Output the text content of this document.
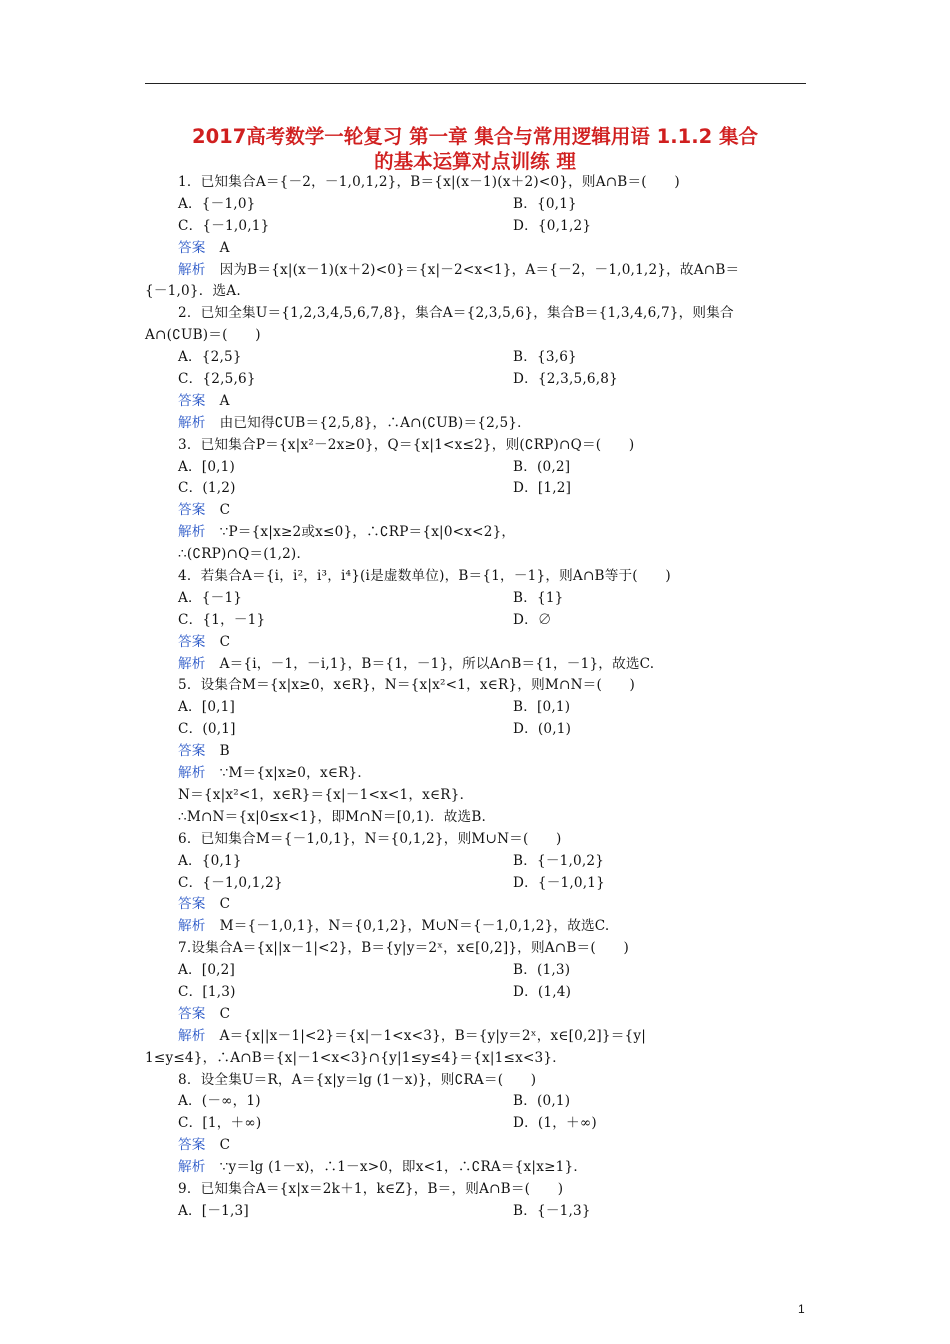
2017高考数学一轮复习 第一章 集合与常用逻辑用语 1.1.2 集合
的基本运算对点训练 理
1．已知集合A＝{－2，－1,0,1,2}，B＝{x|(x－1)(x＋2)<0}，则A∩B＝(　　)
A．{－1,0}	B．{0,1}
C．{－1,0,1}	D．{0,1,2}
答案 A
解析 因为B＝{x|(x－1)(x＋2)<0}＝{x|－2<x<1}，A＝{－2，－1,0,1,2}，故A∩B＝
{－1,0}．选A.
2．已知全集U＝{1,2,3,4,5,6,7,8}，集合A＝{2,3,5,6}，集合B＝{1,3,4,6,7}，则集合
A∩(∁UB)＝(　　)
A．{2,5}	B．{3,6}
C．{2,5,6}	D．{2,3,5,6,8}
答案 A
解析 由已知得∁UB＝{2,5,8}，∴A∩(∁UB)＝{2,5}．
3．已知集合P＝{x|x²－2x≥0}，Q＝{x|1<x≤2}，则(∁RP)∩Q＝(　　)
A．[0,1)	B．(0,2]
C．(1,2)	D．[1,2]
答案 C
解析 ∵P＝{x|x≥2或x≤0}，∴∁RP＝{x|0<x<2}，
∴(∁RP)∩Q＝(1,2)．
4．若集合A＝{i，i²，i³，i⁴}(i是虚数单位)，B＝{1，－1}，则A∩B等于(　　)
A．{－1}	B．{1}
C．{1，－1}	D．∅
答案 C
解析 A＝{i，－1，－i,1}，B＝{1，－1}，所以A∩B＝{1，－1}，故选C.
5．设集合M＝{x|x≥0，x∈R}，N＝{x|x²<1，x∈R}，则M∩N＝(　　)
A．[0,1]	B．[0,1)
C．(0,1]	D．(0,1)
答案 B
解析 ∵M＝{x|x≥0，x∈R}．
N＝{x|x²<1，x∈R}＝{x|－1<x<1，x∈R}．
∴M∩N＝{x|0≤x<1}，即M∩N＝[0,1)．故选B.
6．已知集合M＝{－1,0,1}，N＝{0,1,2}，则M∪N＝(　　)
A．{0,1}	B．{－1,0,2}
C．{－1,0,1,2}	D．{－1,0,1}
答案 C
解析 M＝{－1,0,1}，N＝{0,1,2}，M∪N＝{－1,0,1,2}，故选C.
7.设集合A＝{x||x－1|<2}，B＝{y|y＝2ˣ，x∈[0,2]}，则A∩B＝(　　)
A．[0,2]	B．(1,3)
C．[1,3)	D．(1,4)
答案 C
解析 A＝{x||x－1|<2}＝{x|－1<x<3}，B＝{y|y＝2ˣ，x∈[0,2]}＝{y|
1≤y≤4}，∴A∩B＝{x|－1<x<3}∩{y|1≤y≤4}＝{x|1≤x<3}．
8．设全集U＝R，A＝{x|y＝lg (1－x)}，则∁RA＝(　　)
A．(－∞，1)	B．(0,1)
C．[1，＋∞)	D．(1，＋∞)
答案 C
解析 ∵y＝lg (1－x)，∴1－x>0，即x<1，∴∁RA＝{x|x≥1}．
9．已知集合A＝{x|x＝2k＋1，k∈Z}，B＝，则A∩B＝(　　)
A．[－1,3]	B．{－1,3}
1
